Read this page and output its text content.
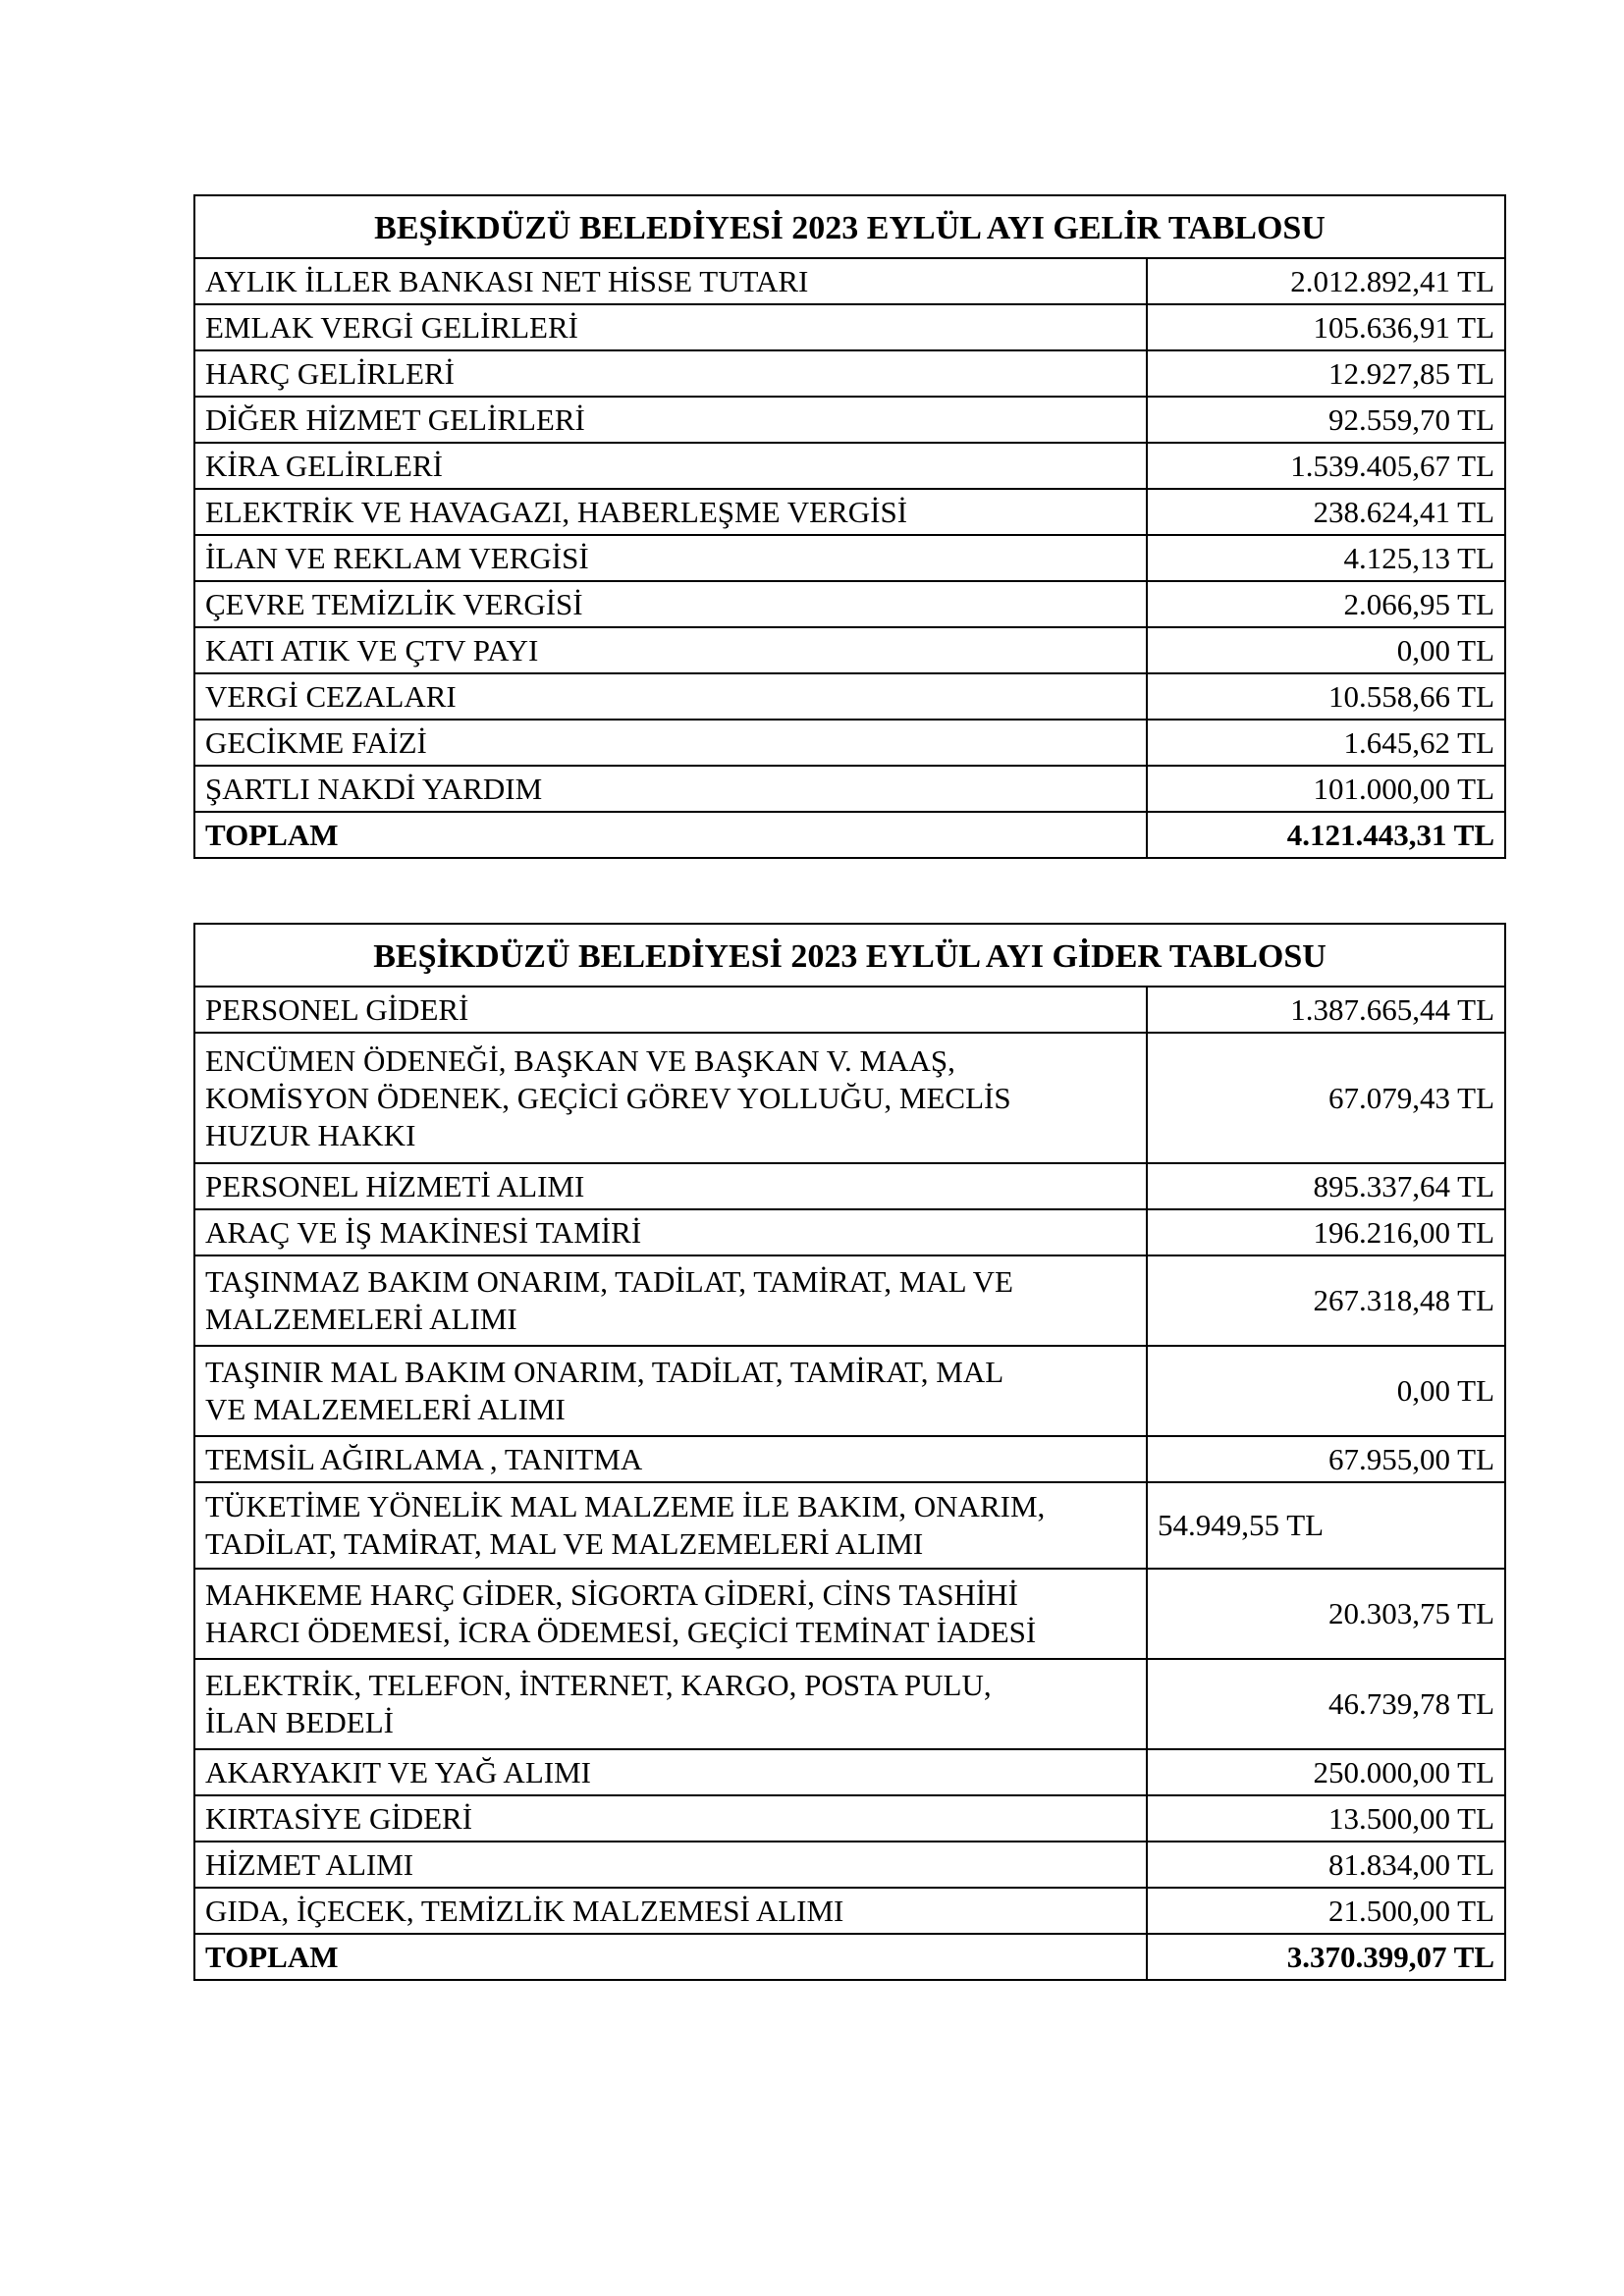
BEŞİKDÜZÜ BELEDİYESİ 2023 EYLÜL AYI GELİR TABLOSU	
AYLIK İLLER BANKASI NET HİSSE TUTARI	2.012.892,41 TL
EMLAK VERGİ GELİRLERİ	105.636,91 TL
HARÇ GELİRLERİ	12.927,85 TL
DİĞER HİZMET GELİRLERİ	92.559,70 TL
KİRA GELİRLERİ	1.539.405,67 TL
ELEKTRİK VE HAVAGAZI, HABERLEŞME VERGİSİ	238.624,41 TL
İLAN VE REKLAM VERGİSİ	4.125,13 TL
ÇEVRE TEMİZLİK VERGİSİ	2.066,95 TL
KATI ATIK VE ÇTV PAYI	0,00 TL
VERGİ CEZALARI	10.558,66 TL
GECİKME FAİZİ	1.645,62 TL
ŞARTLI NAKDİ YARDIM	101.000,00 TL
TOPLAM	4.121.443,31 TL
BEŞİKDÜZÜ BELEDİYESİ 2023 EYLÜL AYI GİDER TABLOSU	
PERSONEL GİDERİ	1.387.665,44 TL

ENCÜMEN ÖDENEĞİ, BAŞKAN VE BAŞKAN V. MAAŞ,
KOMİSYON ÖDENEK, GEÇİCİ GÖREV YOLLUĞU, MECLİS
HUZUR HAKKI	67.079,43 TL
PERSONEL HİZMETİ ALIMI	895.337,64 TL
ARAÇ VE İŞ MAKİNESİ TAMİRİ	196.216,00 TL

TAŞINMAZ BAKIM ONARIM, TADİLAT, TAMİRAT, MAL VE
MALZEMELERİ ALIMI	267.318,48 TL

TAŞINIR MAL BAKIM ONARIM, TADİLAT, TAMİRAT, MAL
VE MALZEMELERİ ALIMI	0,00 TL
TEMSİL AĞIRLAMA , TANITMA	67.955,00 TL

TÜKETİME YÖNELİK MAL MALZEME İLE BAKIM, ONARIM,
TADİLAT, TAMİRAT, MAL VE MALZEMELERİ ALIMI	54.949,55 TL

MAHKEME HARÇ GİDER, SİGORTA GİDERİ, CİNS TASHİHİ
HARCI ÖDEMESİ, İCRA ÖDEMESİ, GEÇİCİ TEMİNAT İADESİ	20.303,75 TL

ELEKTRİK, TELEFON, İNTERNET, KARGO, POSTA PULU,
İLAN BEDELİ	46.739,78 TL
AKARYAKIT VE YAĞ ALIMI	250.000,00 TL
KIRTASİYE GİDERİ	13.500,00 TL
HİZMET ALIMI	81.834,00 TL
GIDA, İÇECEK, TEMİZLİK MALZEMESİ ALIMI	21.500,00 TL
TOPLAM	3.370.399,07 TL
